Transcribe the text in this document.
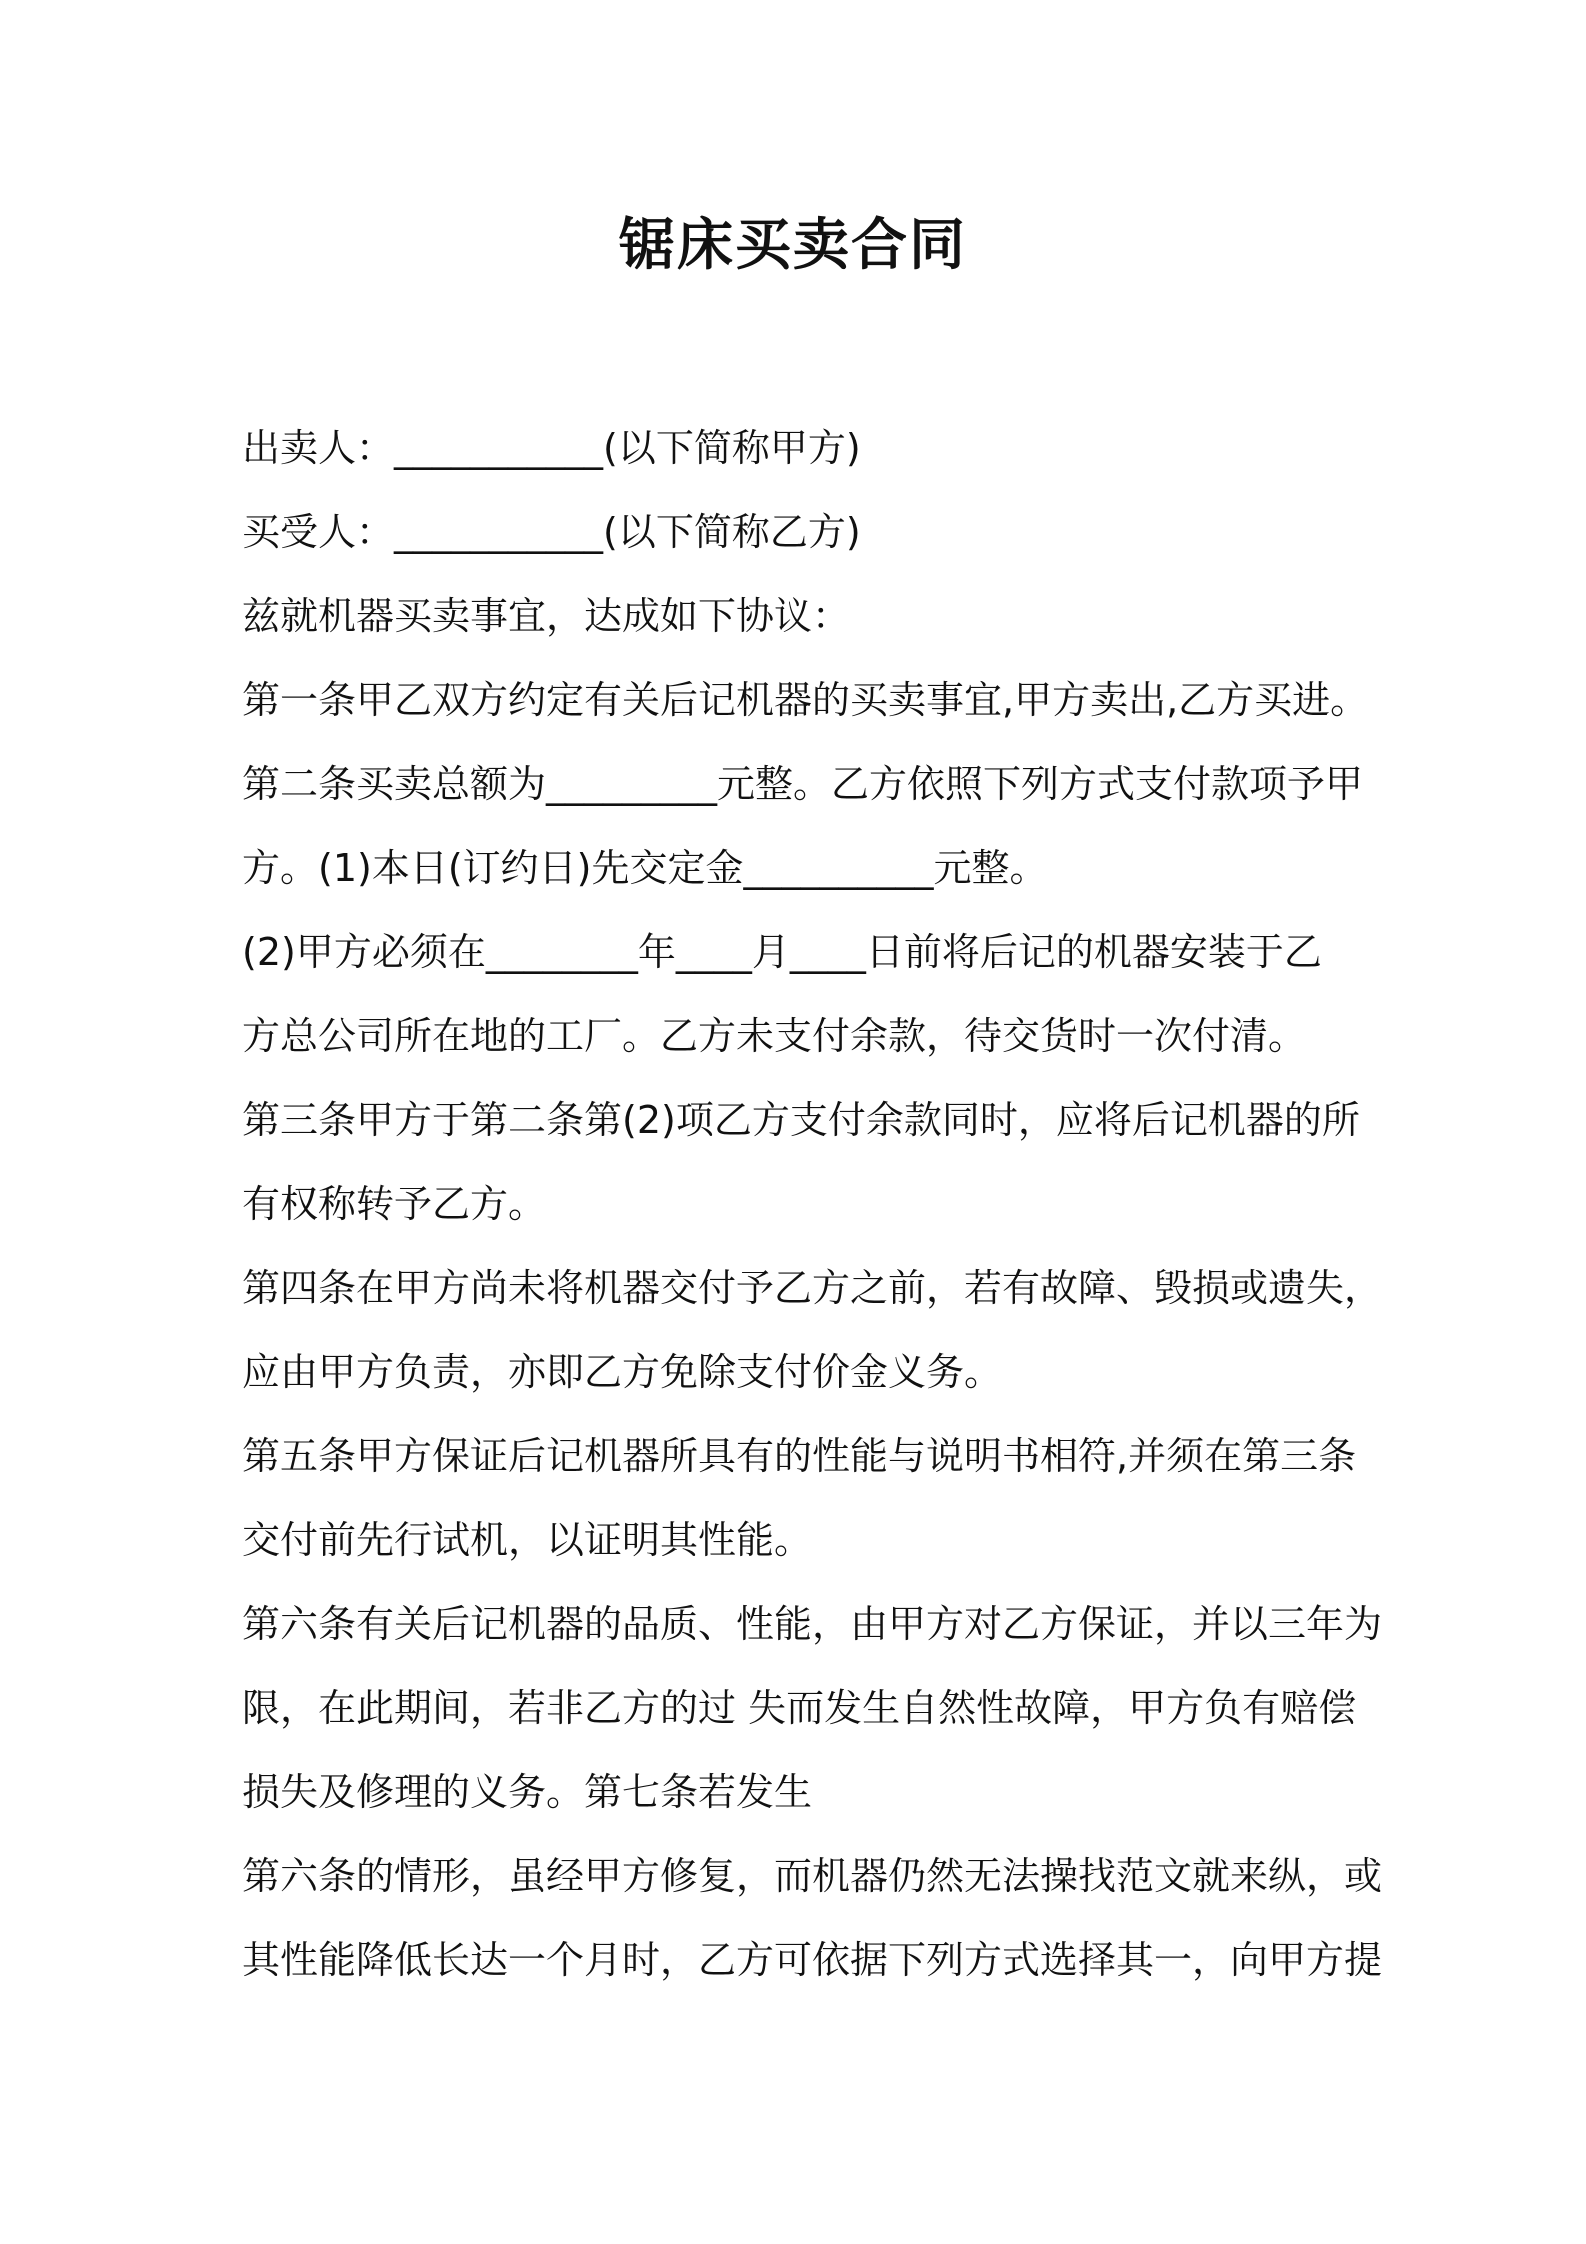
锯床买卖合同
出卖人：___________(以下简称甲方)
买受人：___________(以下简称乙方)
兹就机器买卖事宜，达成如下协议：
第一条甲乙双方约定有关后记机器的买卖事宜,甲方卖出,乙方买进。
第二条买卖总额为_________元整。乙方依照下列方式支付款项予甲
方。(1)本日(订约日)先交定金__________元整。
(2)甲方必须在________年____月____日前将后记的机器安装于乙
方总公司所在地的工厂。乙方未支付余款，待交货时一次付清。
第三条甲方于第二条第(2)项乙方支付余款同时，应将后记机器的所
有权称转予乙方。
第四条在甲方尚未将机器交付予乙方之前，若有故障、毁损或遗失，
应由甲方负责，亦即乙方免除支付价金义务。
第五条甲方保证后记机器所具有的性能与说明书相符,并须在第三条
交付前先行试机，以证明其性能。
第六条有关后记机器的品质、性能，由甲方对乙方保证，并以三年为
限，在此期间，若非乙方的过 失而发生自然性故障，甲方负有赔偿
损失及修理的义务。第七条若发生
第六条的情形，虽经甲方修复，而机器仍然无法操找范文就来纵，或
其性能降低长达一个月时，乙方可依据下列方式选择其一，向甲方提
